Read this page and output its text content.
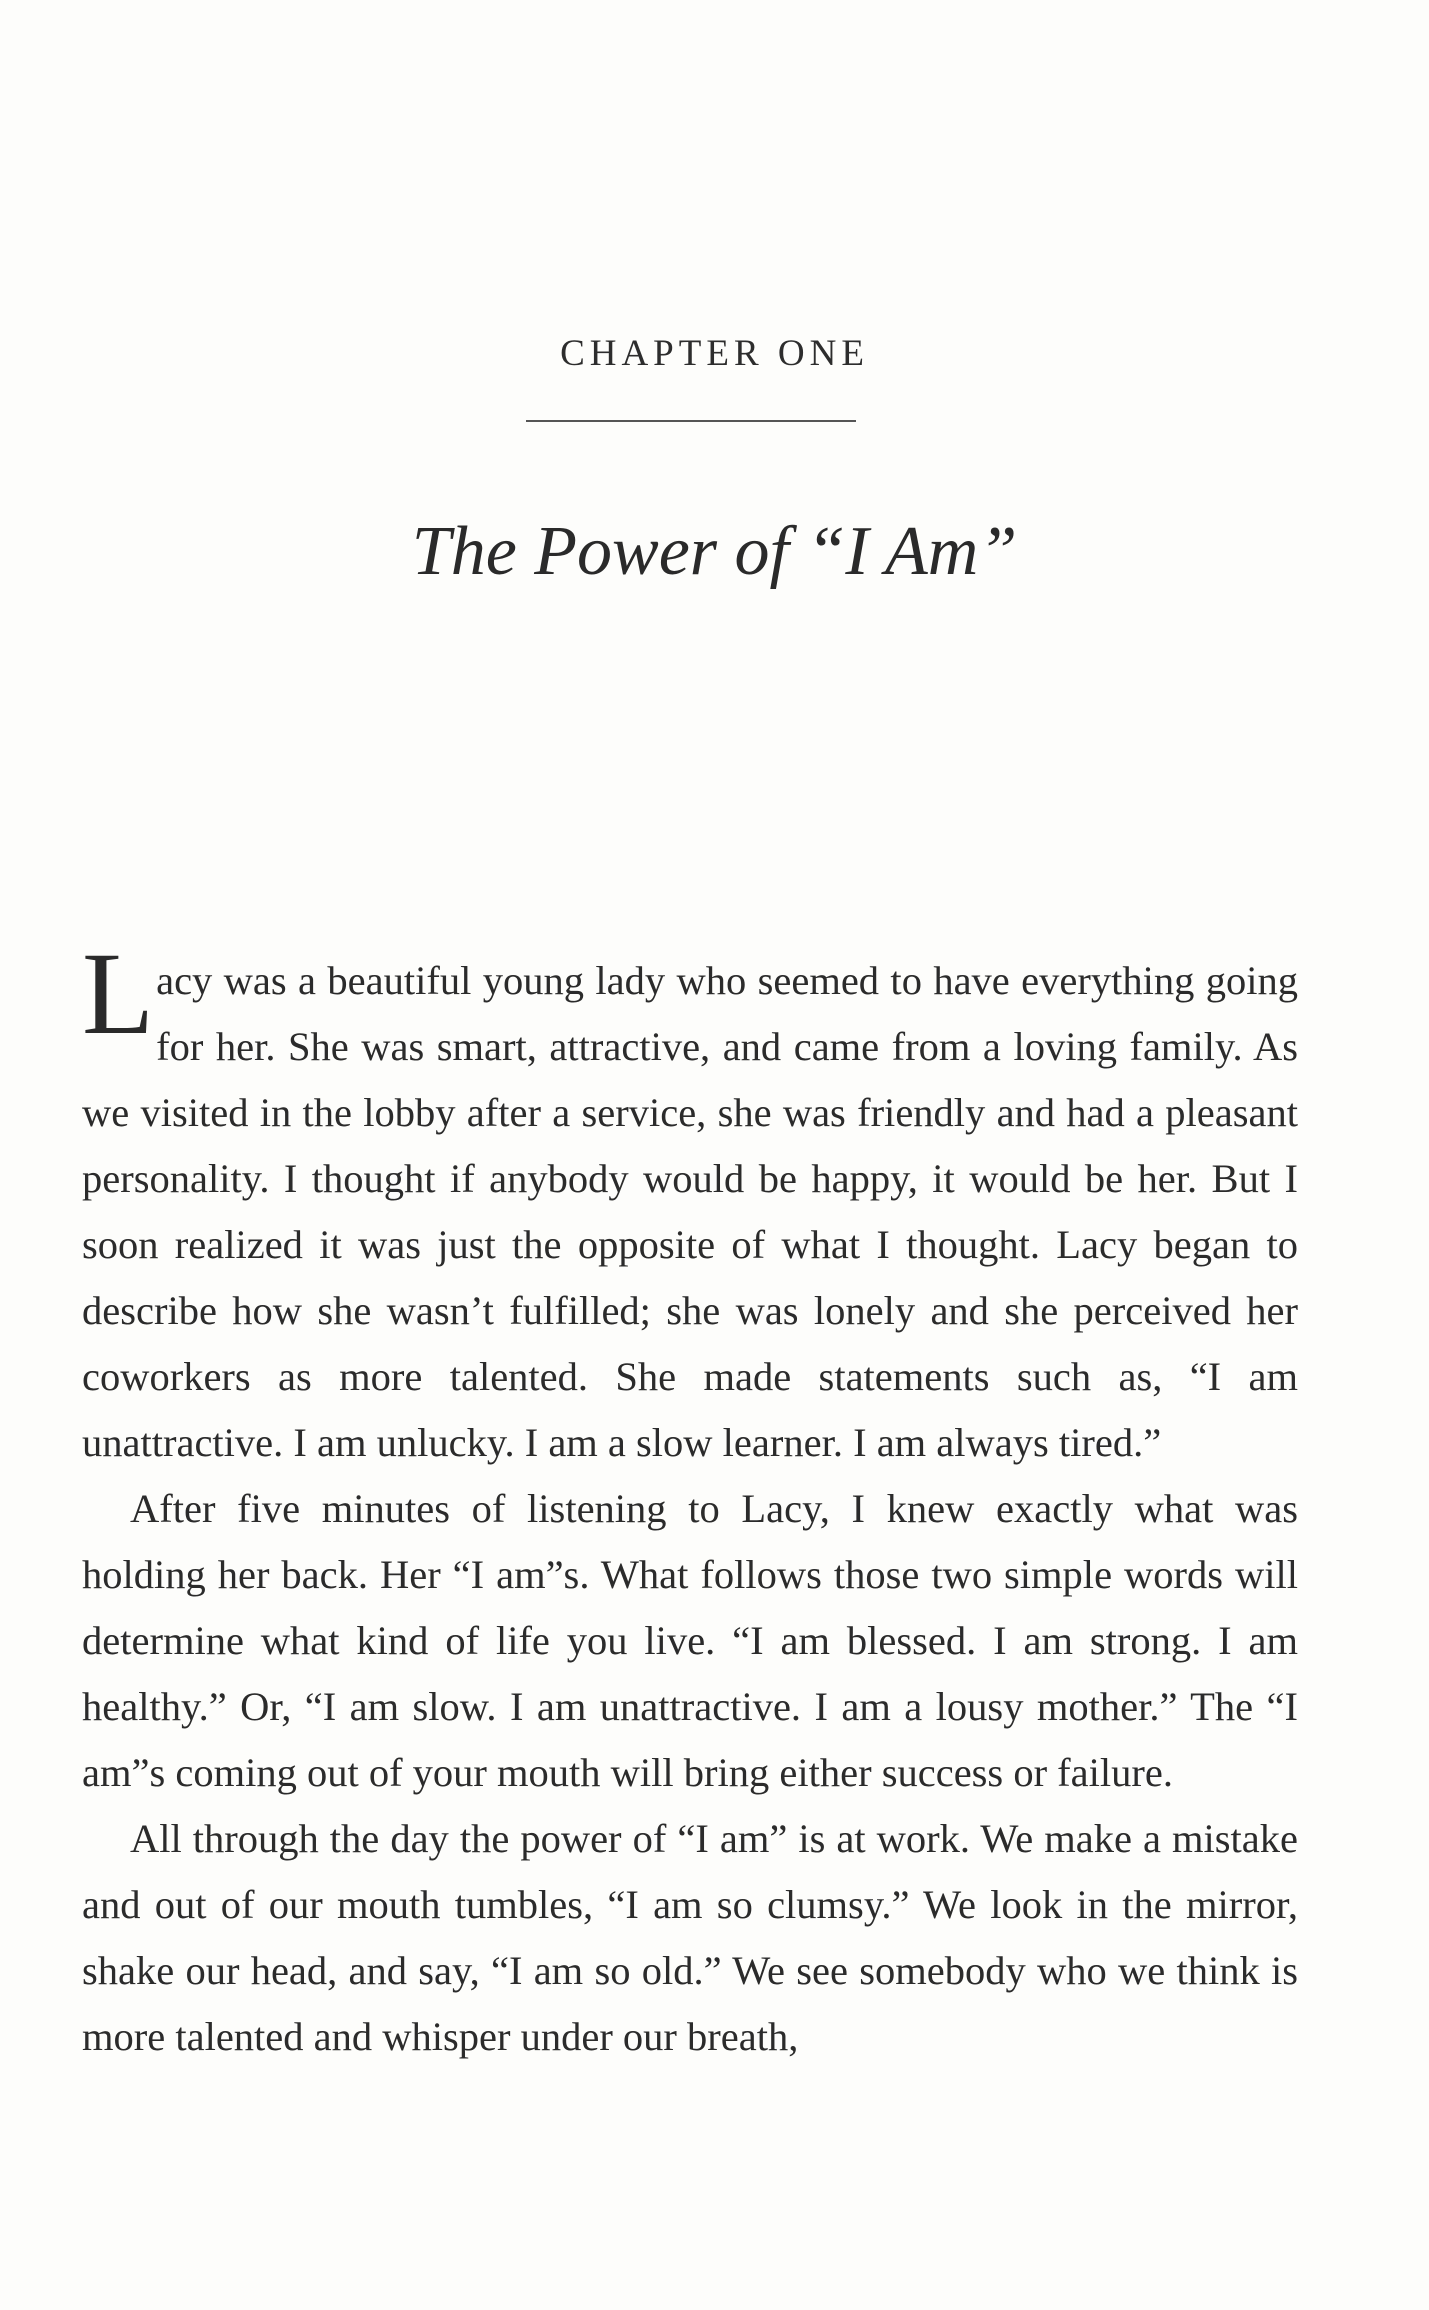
CHAPTER ONE
The Power of “I Am”

Lacy was a beautiful young lady who seemed to have everything going for her. She was smart, attractive, and came from a loving family. As we visited in the lobby after a service, she was friendly and had a pleasant personality. I thought if anybody would be happy, it would be her. But I soon realized it was just the opposite of what I thought. Lacy began to describe how she wasn’t fulfilled; she was lonely and she perceived her coworkers as more talented. She made statements such as, “I am unattractive. I am unlucky. I am a slow learner. I am always tired.”

After five minutes of listening to Lacy, I knew exactly what was holding her back. Her “I am”s. What follows those two simple words will determine what kind of life you live. “I am blessed. I am strong. I am healthy.” Or, “I am slow. I am unattractive. I am a lousy mother.” The “I am”s coming out of your mouth will bring either success or failure.

All through the day the power of “I am” is at work. We make a mistake and out of our mouth tumbles, “I am so clumsy.” We look in the mirror, shake our head, and say, “I am so old.” We see somebody who we think is more talented and whisper under our breath,
